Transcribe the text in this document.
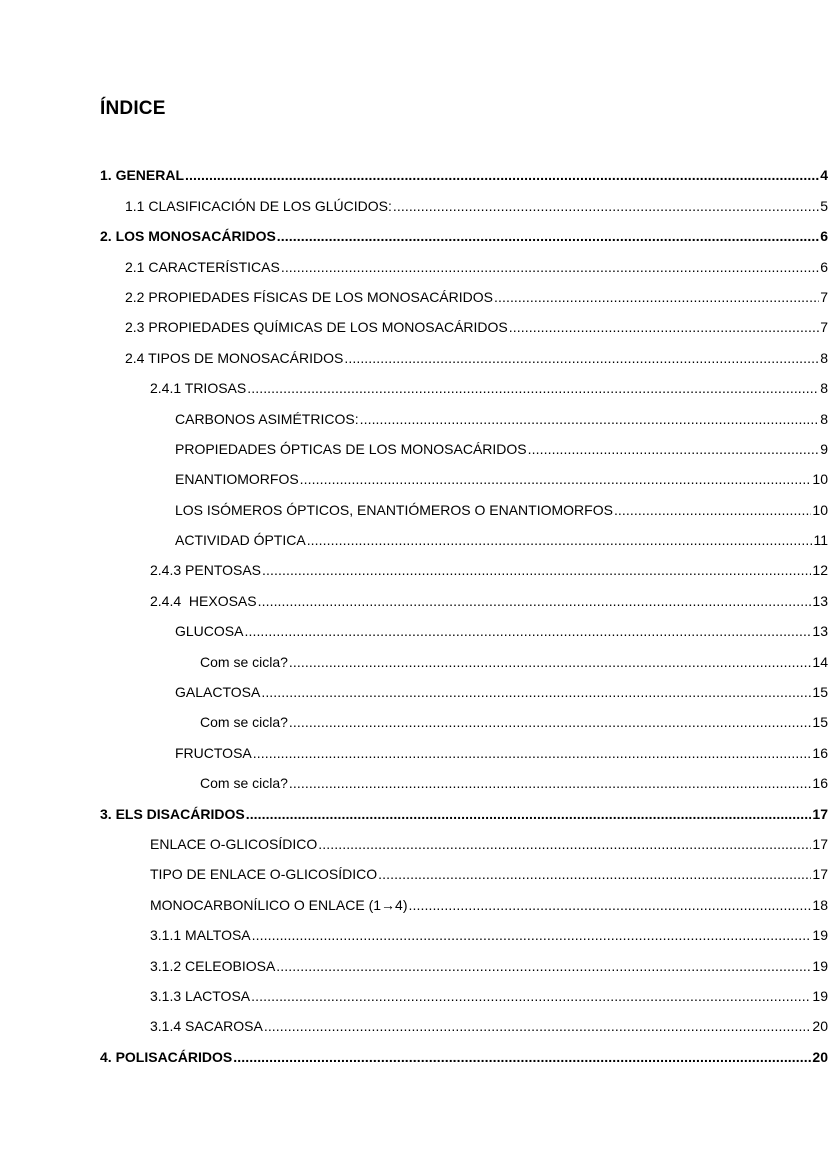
ÍNDICE
1. GENERAL .....	4
1.1 CLASIFICACIÓN DE LOS GLÚCIDOS: .....	5
2. LOS MONOSACÁRIDOS .....	6
2.1 CARACTERÍSTICAS .....	6
2.2 PROPIEDADES FÍSICAS DE LOS MONOSACÁRIDOS .....	7
2.3 PROPIEDADES QUÍMICAS DE LOS MONOSACÁRIDOS .....	7
2.4 TIPOS DE MONOSACÁRIDOS .....	8
2.4.1 TRIOSAS .....	8
CARBONOS ASIMÉTRICOS: .....	8
PROPIEDADES ÓPTICAS DE LOS MONOSACÁRIDOS .....	9
ENANTIOMORFOS .....	10
LOS ISÓMEROS ÓPTICOS, ENANTIÓMEROS O ENANTIOMORFOS .....	10
ACTIVIDAD ÓPTICA .....	11
2.4.3 PENTOSAS .....	12
2.4.4  HEXOSAS .....	13
GLUCOSA .....	13
Com se cicla? .....	14
GALACTOSA .....	15
Com se cicla? .....	15
FRUCTOSA .....	16
Com se cicla? .....	16
3. ELS DISACÁRIDOS .....	17
ENLACE O-GLICOSÍDICO .....	17
TIPO DE ENLACE O-GLICOSÍDICO .....	17
MONOCARBONÍLICO O ENLACE (1→4) .....	18
3.1.1 MALTOSA .....	19
3.1.2 CELEOBIOSA .....	19
3.1.3 LACTOSA .....	19
3.1.4 SACAROSA .....	20
4. POLISACÁRIDOS .....	20
